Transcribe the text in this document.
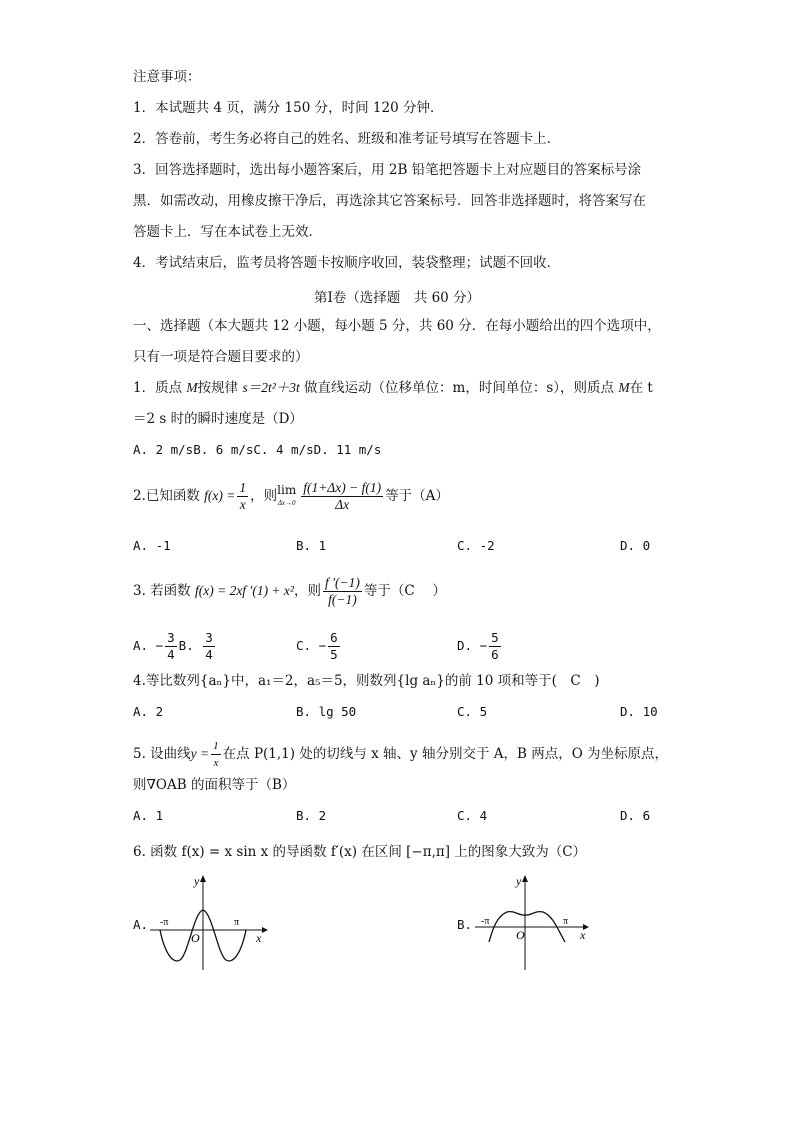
注意事项：
1．本试题共 4 页，满分 150 分，时间 120 分钟．
2．答卷前，考生务必将自己的姓名、班级和准考证号填写在答题卡上．
3．回答选择题时，选出每小题答案后，用 2B 铅笔把答题卡上对应题目的答案标号涂
黑．如需改动，用橡皮擦干净后，再选涂其它答案标号．回答非选择题时，将答案写在
答题卡上．写在本试卷上无效．
4．考试结束后，监考员将答题卡按顺序收回，装袋整理；试题不回收．
第Ⅰ卷（选择题　共 60 分）
一、选择题（本大题共 12 小题，每小题 5 分，共 60 分．在每小题给出的四个选项中，
只有一项是符合题目要求的）
1．质点 M按规律 s＝2t²＋3t 做直线运动（位移单位：m，时间单位：s），则质点 M在 t
＝2 s 时的瞬时速度是（D）
A. 2 m/sB. 6 m/sC. 4 m/sD. 11 m/s
2.已知函数 $f(x) = \frac{1}{x}$ ，则 lim
$\Delta x\to 0 \frac{f(1+\Delta x) - f(1)}{\Delta x}$ 等于（A）
A. -1	B. 1	C. -2	D. 0
3. 若函数 f(x) = 2xf '(1) + x²，则 $\frac{f '(-1)}{f(-1)}$ 等于（C　 ）
A. − $\frac{3}{4} B$. $\frac{3}{4}$	C. − $\frac{6}{5}$	D. − $\frac{5}{6}$
4.等比数列{aₙ}中，a₁＝2，a₅＝5，则数列{lg aₙ}的前 10 项和等于(　C　)
A. 2	B. lg 50	C. 5	D. 10
5. 设曲线$y = \frac{1}{x}$ 在点 P(1,1) 处的切线与 x 轴、y 轴分别交于 A，B 两点，O 为坐标原点，
则∇OAB 的面积等于（B）
A. 1	B. 2	C. 4	D. 6
6. 函数 f(x) = x sin x 的导函数 f′(x) 在区间 [−π,π] 上的图象大致为（C）
A.
y
x
O
-π	π	B.
y
x
O
-π	π
